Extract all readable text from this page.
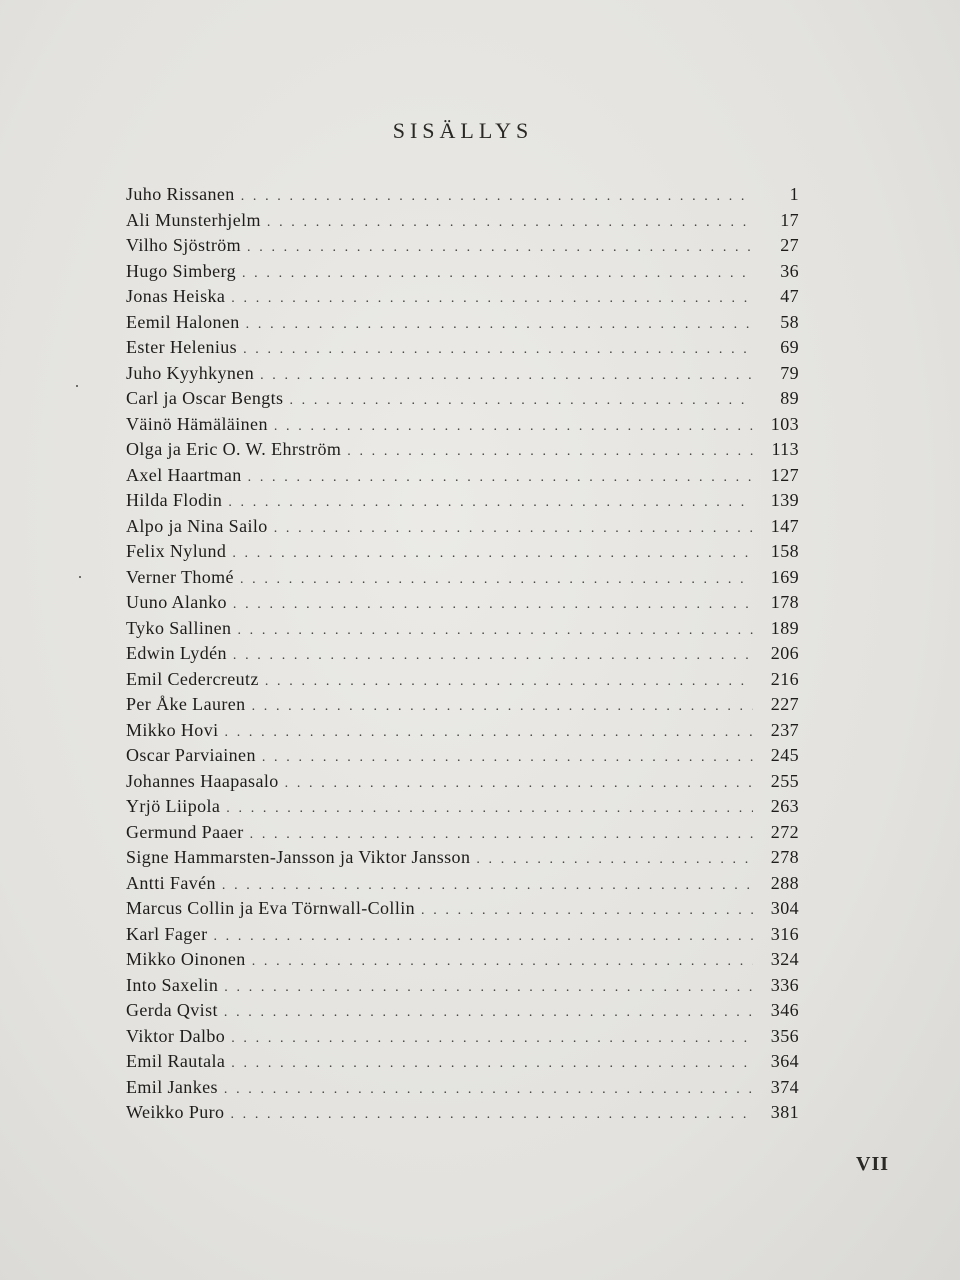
SISÄLLYS
Juho Rissanen . . .	1
Ali Munsterhjelm . . .	17
Vilho Sjöström . . .	27
Hugo Simberg . . .	36
Jonas Heiska . . .	47
Eemil Halonen . . .	58
Ester Helenius . . .	69
Juho Kyyhkynen . . .	79
Carl ja Oscar Bengts . . .	89
Väinö Hämäläinen . . .	103
Olga ja Eric O. W. Ehrström . . .	113
Axel Haartman . . .	127
Hilda Flodin . . .	139
Alpo ja Nina Sailo . . .	147
Felix Nylund . . .	158
Verner Thomé . . .	169
Uuno Alanko . . .	178
Tyko Sallinen . . .	189
Edwin Lydén . . .	206
Emil Cedercreutz . . .	216
Per Åke Lauren . . .	227
Mikko Hovi . . .	237
Oscar Parviainen . . .	245
Johannes Haapasalo . . .	255
Yrjö Liipola . . .	263
Germund Paaer . . .	272
Signe Hammarsten-Jansson ja Viktor Jansson . . .	278
Antti Favén . . .	288
Marcus Collin ja Eva Törnwall-Collin . . .	304
Karl Fager . . .	316
Mikko Oinonen . . .	324
Into Saxelin . . .	336
Gerda Qvist . . .	346
Viktor Dalbo . . .	356
Emil Rautala . . .	364
Emil Jankes . . .	374
Weikko Puro . . .	381
VII
